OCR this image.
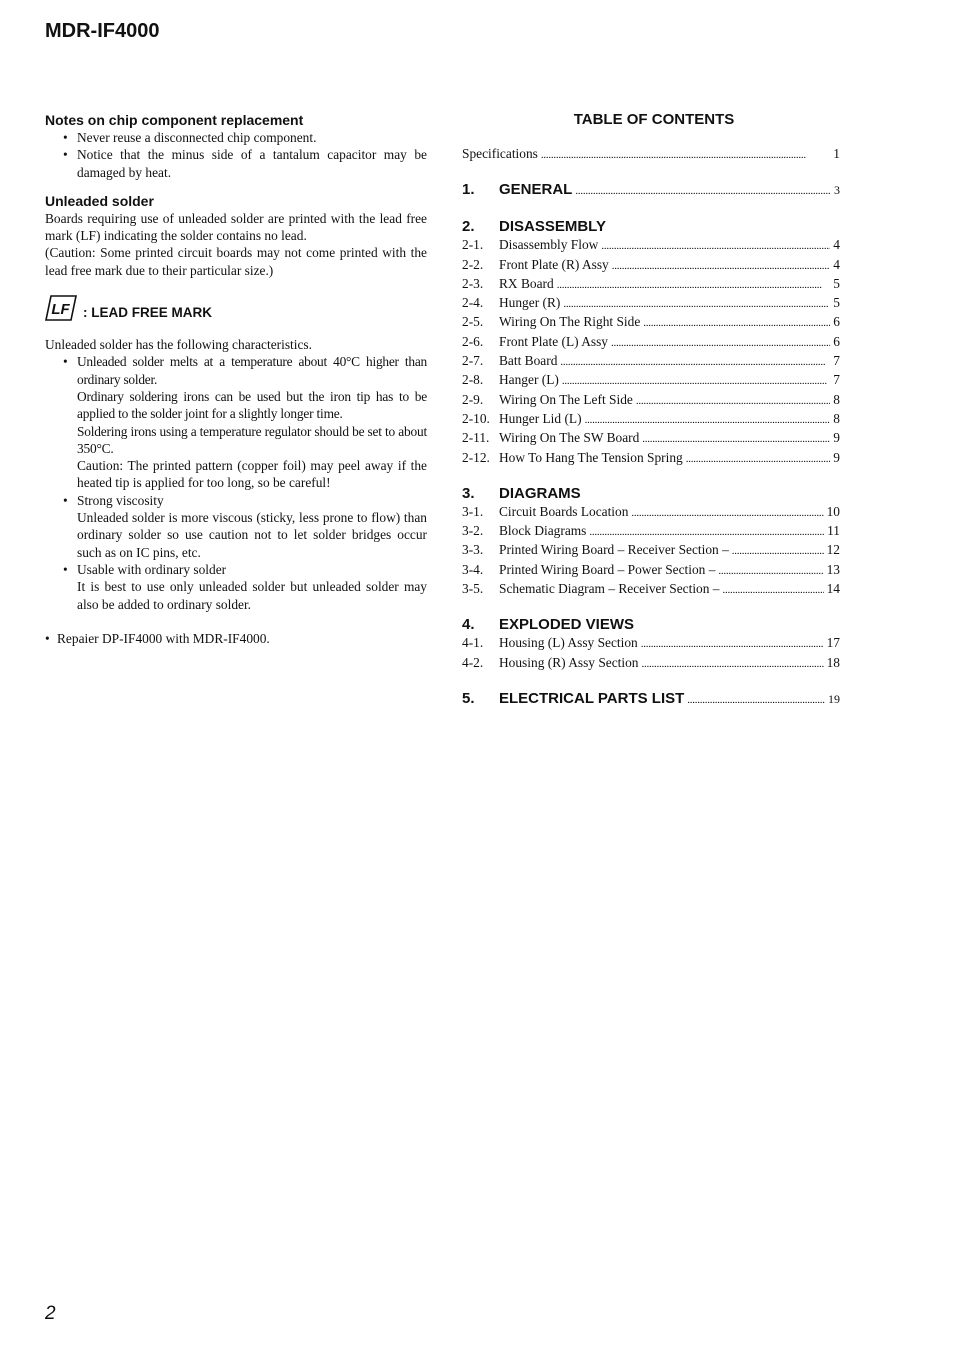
MDR-IF4000
Notes on chip component replacement
• Never reuse a disconnected chip component.
• Notice that the minus side of a tantalum capacitor may be damaged by heat.
Unleaded solder
Boards requiring use of unleaded solder are printed with the lead free mark (LF) indicating the solder contains no lead.
(Caution: Some printed circuit boards may not come printed with the lead free mark due to their particular size.)
LF : LEAD FREE MARK
Unleaded solder has the following characteristics.
• Unleaded solder melts at a temperature about 40°C higher than ordinary solder.
Ordinary soldering irons can be used but the iron tip has to be applied to the solder joint for a slightly longer time.
Soldering irons using a temperature regulator should be set to about 350°C.
Caution: The printed pattern (copper foil) may peel away if the heated tip is applied for too long, so be careful!
• Strong viscosity
Unleaded solder is more viscous (sticky, less prone to flow) than ordinary solder so use caution not to let solder bridges occur such as on IC pins, etc.
• Usable with ordinary solder
It is best to use only unleaded solder but unleaded solder may also be added to ordinary solder.
• Repaier DP-IF4000 with MDR-IF4000.
TABLE OF CONTENTS
Specifications . . .	1
1.	GENERAL . . .	3
2.	DISASSEMBLY
2-1.	Disassembly Flow . . .	4
2-2.	Front Plate (R) Assy . . .	4
2-3.	RX Board . . .	5
2-4.	Hunger (R) . . .	5
2-5.	Wiring On The Right Side . . .	6
2-6.	Front Plate (L) Assy . . .	6
2-7.	Batt Board . . .	7
2-8.	Hanger (L) . . .	7
2-9.	Wiring On The Left Side . . .	8
2-10. Hunger Lid (L) . . .	8
2-11. Wiring On The SW Board . . .	9
2-12. How To Hang The Tension Spring . . .	9
3.	DIAGRAMS
3-1.	Circuit Boards Location . . .	10
3-2.	Block Diagrams . . .	11
3-3.	Printed Wiring Board – Receiver Section – . . .	12
3-4.	Printed Wiring Board – Power Section – . . .	13
3-5.	Schematic Diagram – Receiver Section – . . .	14
4.	EXPLODED VIEWS
4-1.	Housing (L) Assy Section . . .	17
4-2.	Housing (R) Assy Section . . .	18
5.	ELECTRICAL PARTS LIST . . .	19
2
